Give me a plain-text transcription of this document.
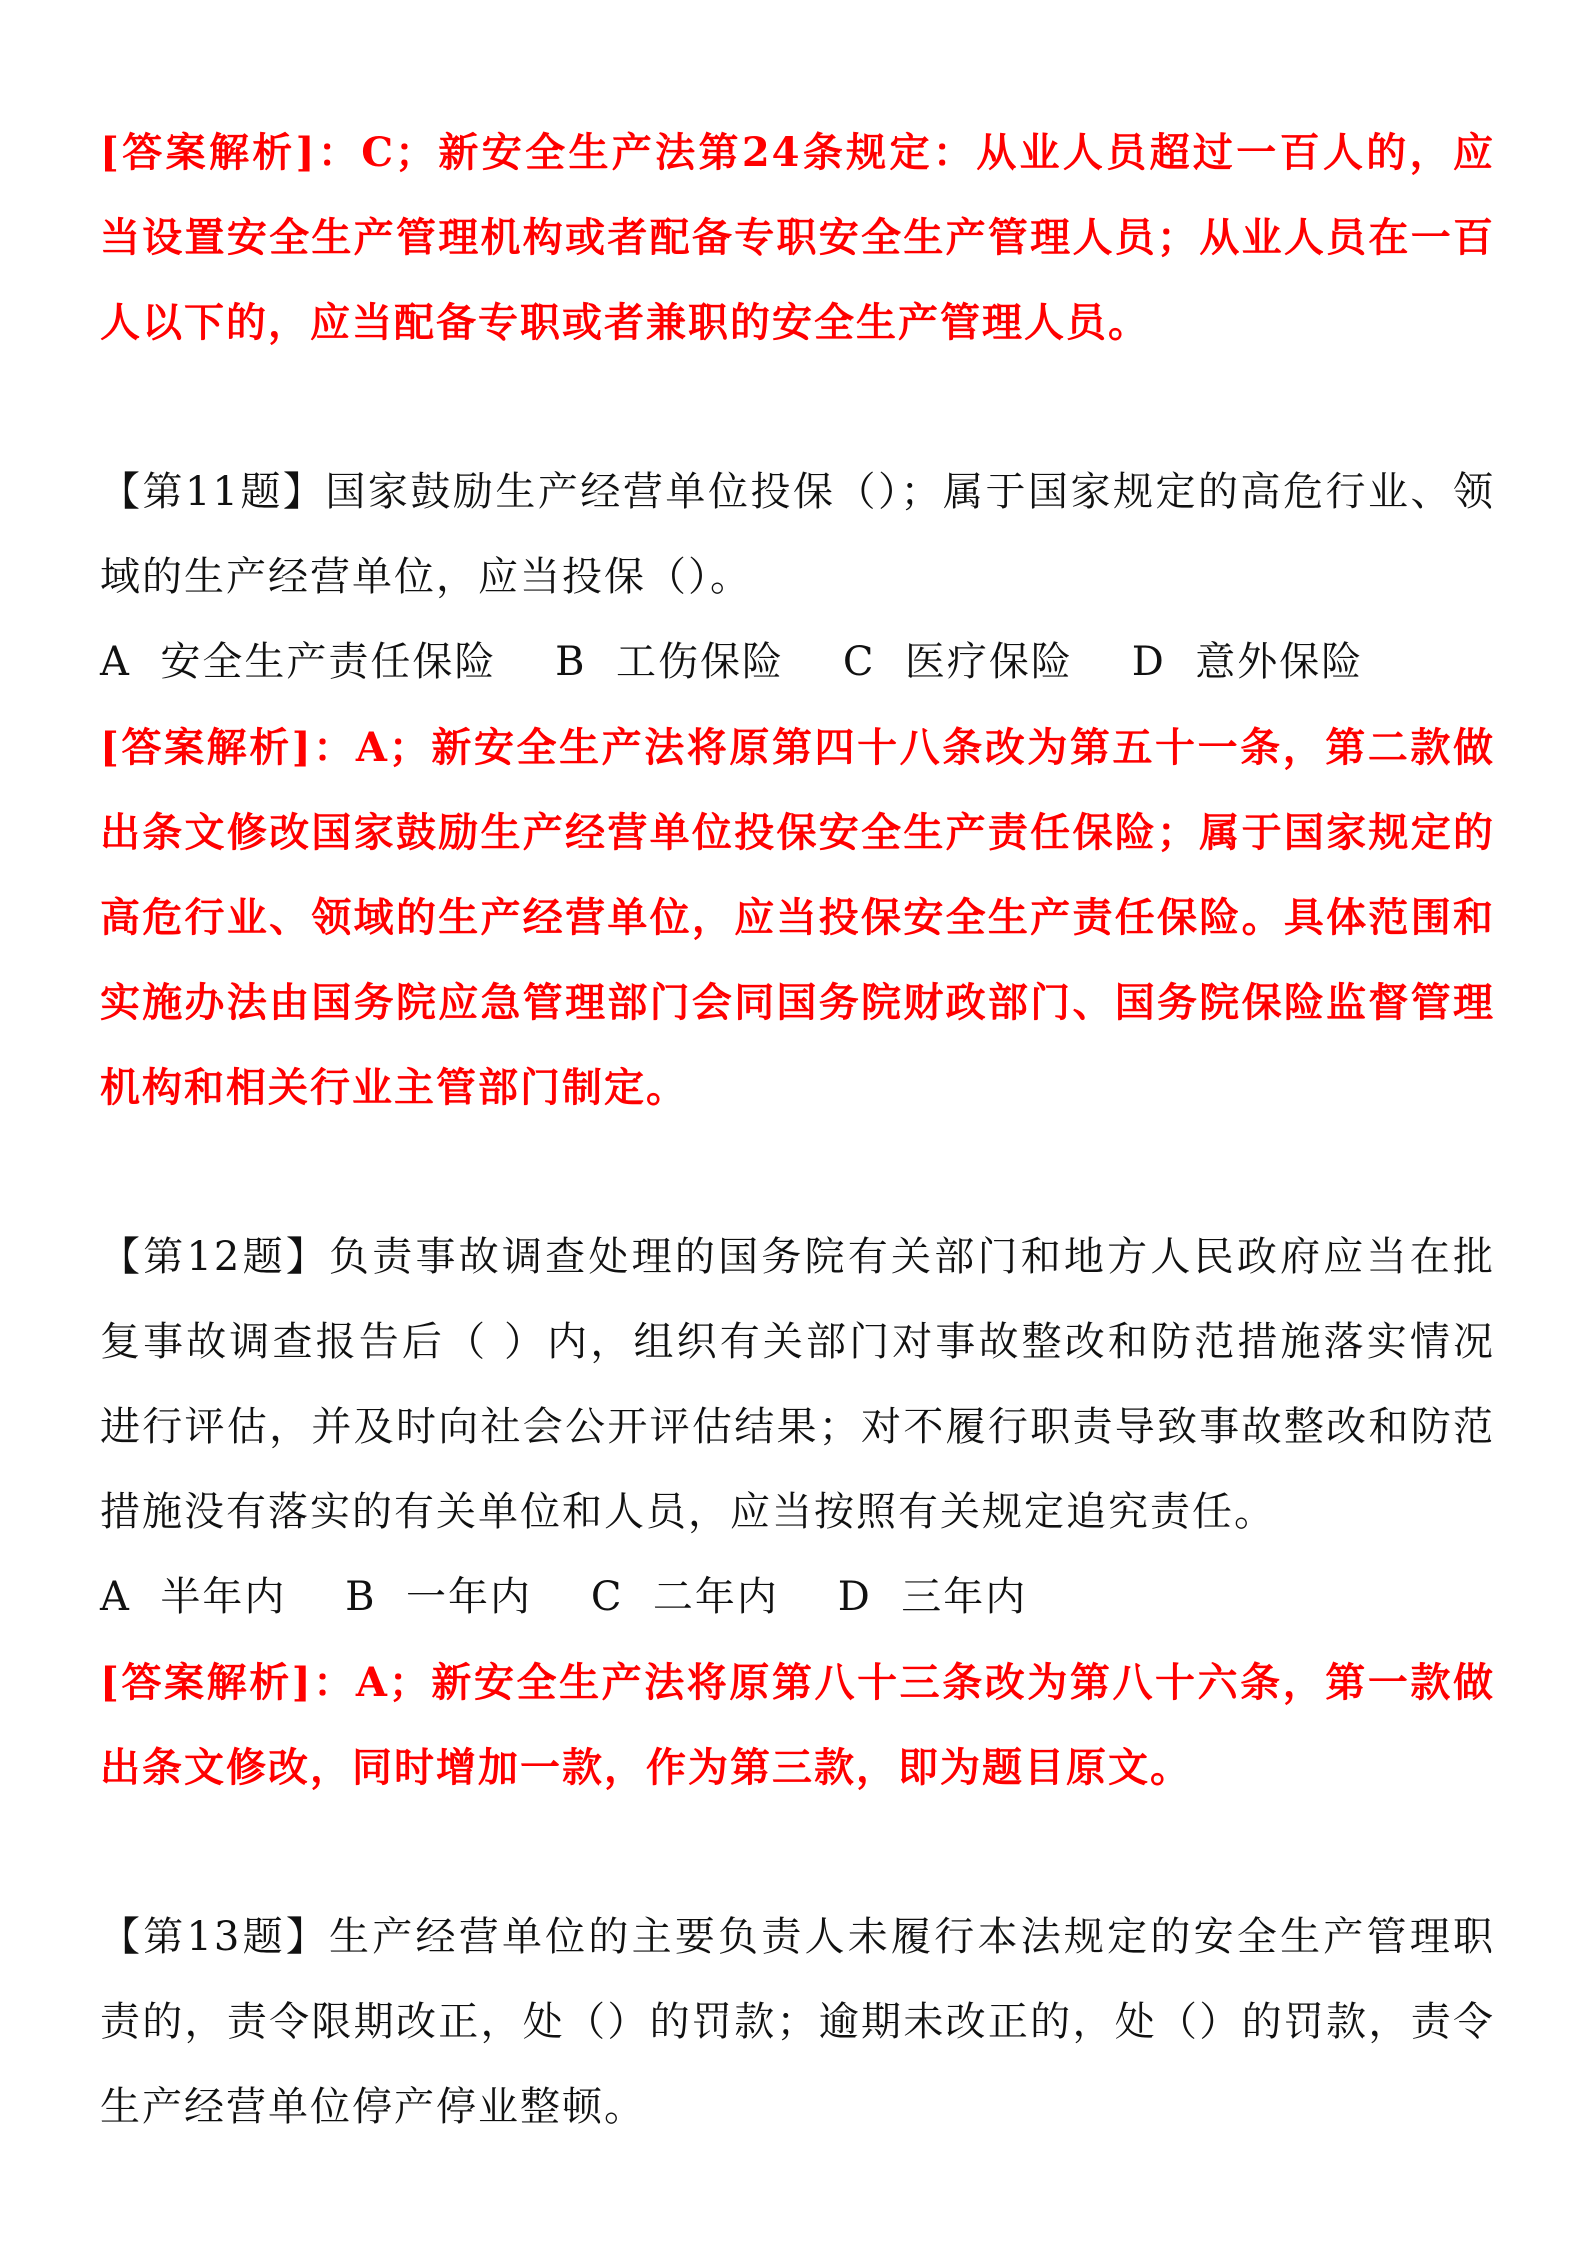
[答案解析]：C；新安全生产法第24条规定：从业人员超过一百人的，应当设置安全生产管理机构或者配备专职安全生产管理人员；从业人员在一百人以下的，应当配备专职或者兼职的安全生产管理人员。

【第11题】国家鼓励生产经营单位投保（）；属于国家规定的高危行业、领域的生产经营单位，应当投保（）。

A  安全生产责任保险    B  工伤保险    C  医疗保险    D  意外保险

[答案解析]：A；新安全生产法将原第四十八条改为第五十一条，第二款做出条文修改国家鼓励生产经营单位投保安全生产责任保险；属于国家规定的高危行业、领域的生产经营单位，应当投保安全生产责任保险。具体范围和实施办法由国务院应急管理部门会同国务院财政部门、国务院保险监督管理机构和相关行业主管部门制定。

【第12题】负责事故调查处理的国务院有关部门和地方人民政府应当在批复事故调查报告后（ ）内，组织有关部门对事故整改和防范措施落实情况进行评估，并及时向社会公开评估结果；对不履行职责导致事故整改和防范措施没有落实的有关单位和人员，应当按照有关规定追究责任。

A  半年内    B  一年内    C  二年内    D  三年内

[答案解析]：A；新安全生产法将原第八十三条改为第八十六条，第一款做出条文修改，同时增加一款，作为第三款，即为题目原文。

【第13题】生产经营单位的主要负责人未履行本法规定的安全生产管理职责的，责令限期改正，处（）的罚款；逾期未改正的，处（）的罚款，责令生产经营单位停产停业整顿。
